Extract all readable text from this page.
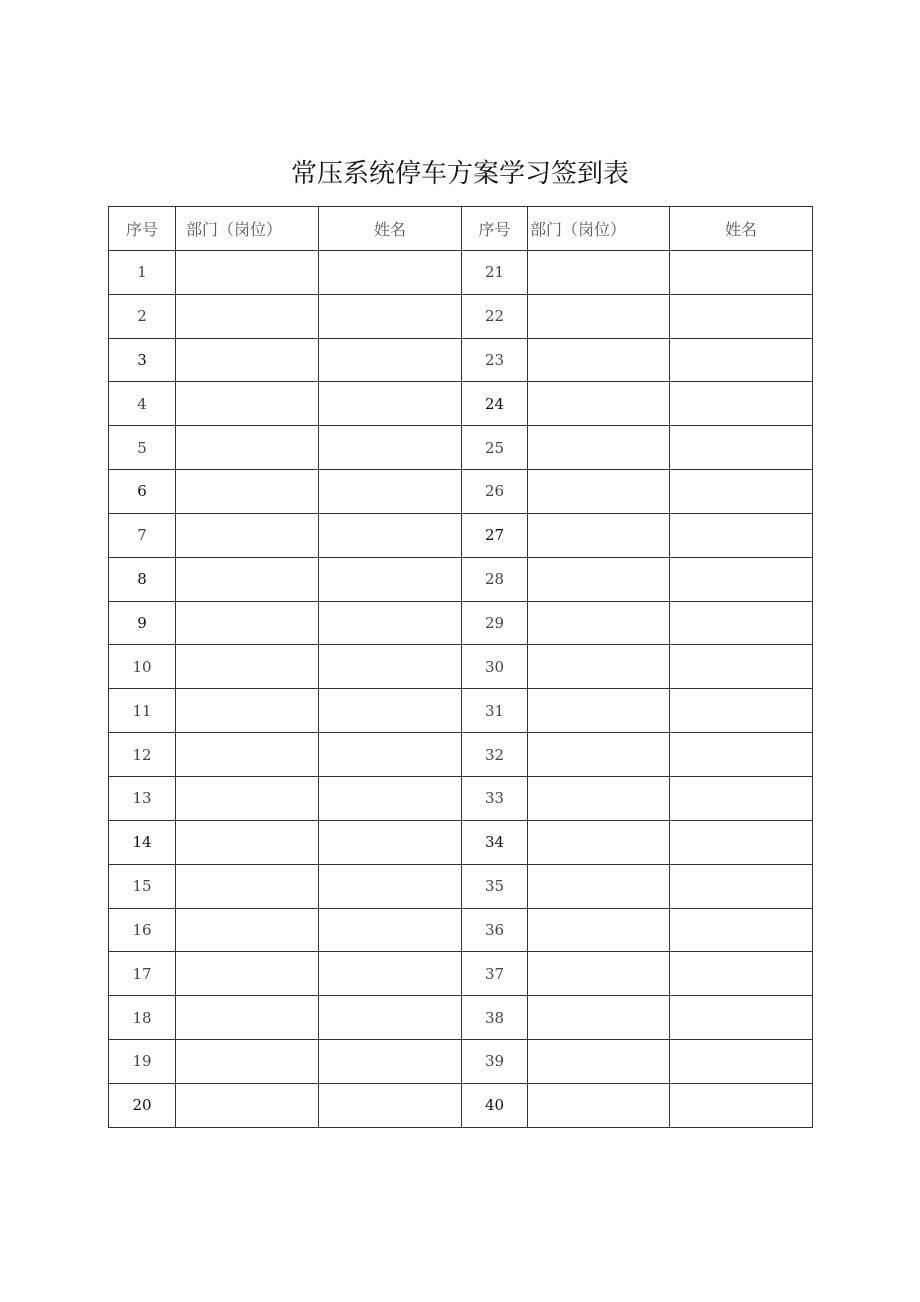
常压系统停车方案学习签到表
序号	部门（岗位）	姓名	序号	部门（岗位）	姓名
1			21		
2			22		
3			23		
4			24		
5			25		
6			26		
7			27		
8			28		
9			29		
10			30		
11			31		
12			32		
13			33		
14			34		
15			35		
16			36		
17			37		
18			38		
19			39		
20			40		
